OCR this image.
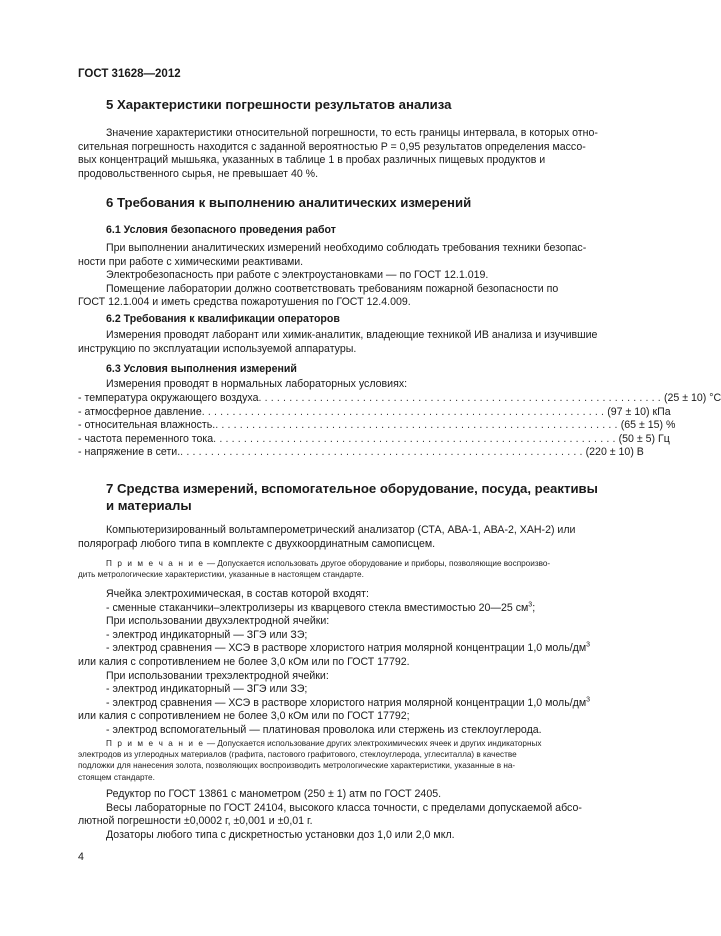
ГОСТ 31628—2012
5 Характеристики погрешности результатов анализа
Значение характеристики относительной погрешности, то есть границы интервала, в которых отно-
сительная погрешность находится с заданной вероятностью P = 0,95 результатов определения массо-
вых концентраций мышьяка, указанных в таблице 1 в пробах различных пищевых продуктов и
продовольственного сырья, не превышает 40 %.
6 Требования к выполнению аналитических измерений
6.1 Условия безопасного проведения работ
При выполнении аналитических измерений необходимо соблюдать требования техники безопас-
ности при работе с химическими реактивами.
Электробезопасность при работе с электроустановками — по ГОСТ 12.1.019.
Помещение лаборатории должно соответствовать требованиям пожарной безопасности по
ГОСТ 12.1.004 и иметь средства пожаротушения по ГОСТ 12.4.009.
6.2 Требования к квалификации операторов
Измерения проводят лаборант или химик-аналитик, владеющие техникой ИВ анализа и изучившие
инструкцию по эксплуатации используемой аппаратуры.
6.3 Условия выполнения измерений
Измерения проводят в нормальных лабораторных условиях:
- температура окружающего воздуха .................................................................. (25 ± 10) °С
- атмосферное давление .................................................................. (97 ± 10) кПа
- относительная влажность. .................................................................. (65 ± 15) %
- частота переменного тока .................................................................. (50 ± 5) Гц
- напряжение в сети. .................................................................. (220 ± 10) В
7 Средства измерений, вспомогательное оборудование, посуда, реактивы
и материалы
Компьютеризированный вольтамперометрический анализатор (СТА, АВА-1, АВА-2, ХАН-2) или
полярограф любого типа в комплекте с двухкоординатным самописцем.
П р и м е ч а н и е — Допускается использовать другое оборудование и приборы, позволяющие воспроизво-
дить метрологические характеристики, указанные в настоящем стандарте.
Ячейка электрохимическая, в состав которой входят:
- сменные стаканчики–электролизеры из кварцевого стекла вместимостью 20—25 $см^3$;
При использовании двухэлектродной ячейки:
- электрод индикаторный — ЗГЭ или ЗЭ;
- электрод сравнения — ХСЭ в растворе хлористого натрия молярной концентрации 1,0 моль/$дм^3$
или калия с сопротивлением не более 3,0 кОм или по ГОСТ 17792.
При использовании трехэлектродной ячейки:
- электрод индикаторный — ЗГЭ или ЗЭ;
- электрод сравнения — ХСЭ в растворе хлористого натрия молярной концентрации 1,0 моль/$дм^3$
или калия с сопротивлением не более 3,0 кОм или по ГОСТ 17792;
- электрод вспомогательный — платиновая проволока или стержень из стеклоуглерода.
П р и м е ч а н и е — Допускается использование других электрохимических ячеек и других индикаторных
электродов из углеродных материалов (графита, пастового графитового, стеклоуглерода, углеситалла) в качестве
подложки для нанесения золота, позволяющих воспроизводить метрологические характеристики, указанные в на-
стоящем стандарте.
Редуктор по ГОСТ 13861 с манометром (250 ± 1) атм по ГОСТ 2405.
Весы лабораторные по ГОСТ 24104, высокого класса точности, с пределами допускаемой абсо-
лютной погрешности ±0,0002 г, ±0,001 и ±0,01 г.
Дозаторы любого типа с дискретностью установки доз 1,0 или 2,0 мкл.
4
